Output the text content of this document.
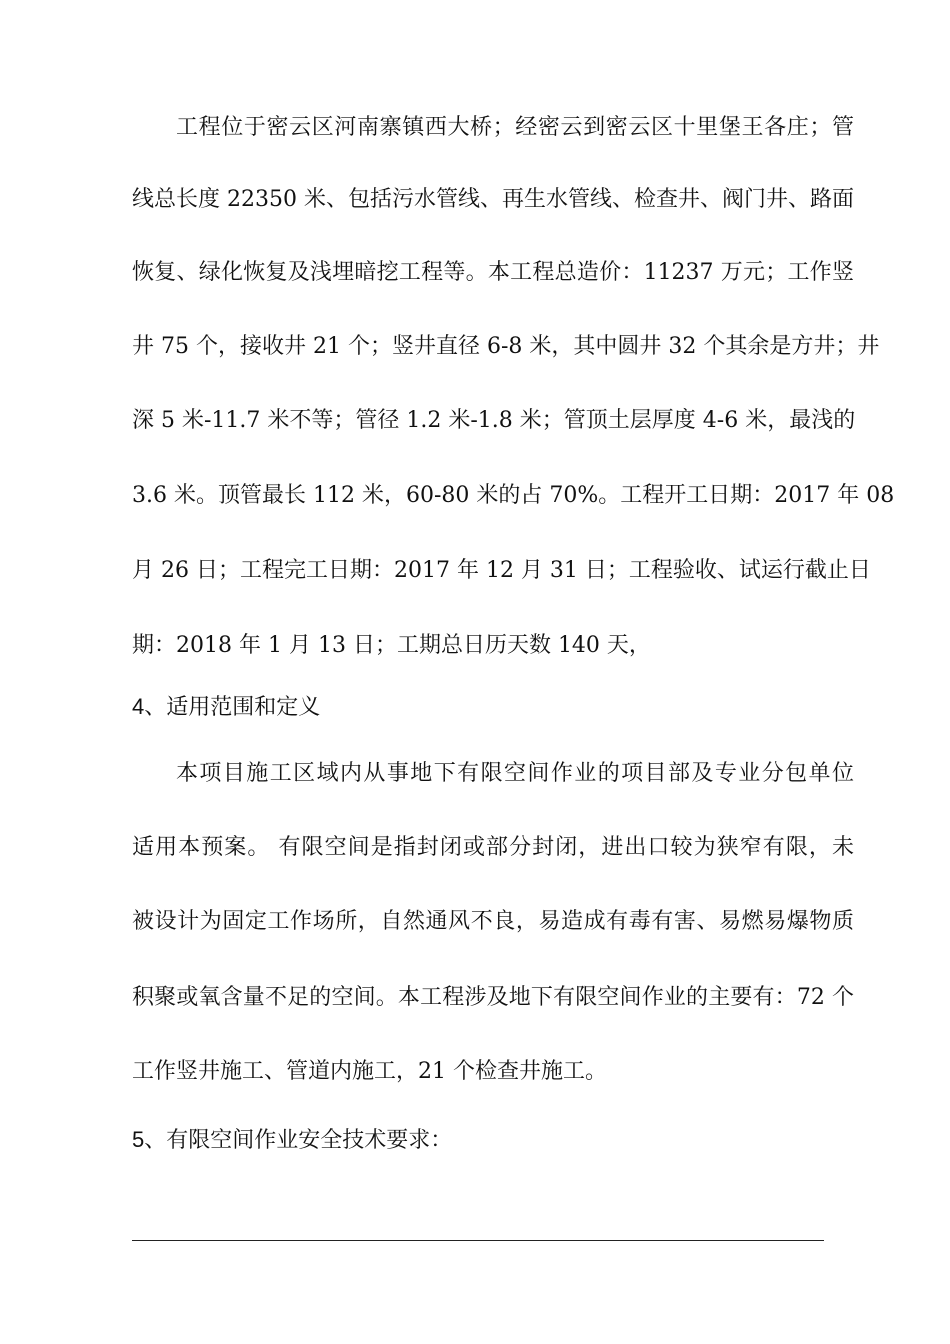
工程位于密云区河南寨镇西大桥；经密云到密云区十里堡王各庄；管
线总长度 22350 米、包括污水管线、再生水管线、检查井、阀门井、路面
恢复、绿化恢复及浅埋暗挖工程等。本工程总造价：11237 万元；工作竖
井 75 个，接收井 21 个；竖井直径 6-8 米，其中圆井 32 个其余是方井；井
深 5 米-11.7 米不等；管径 1.2 米-1.8 米；管顶土层厚度 4-6 米，最浅的
3.6 米。顶管最长 112 米，60-80 米的占 70%。工程开工日期：2017 年 08
月 26 日；工程完工日期：2017 年 12 月 31 日；工程验收、试运行截止日
期：2018 年 1 月 13 日；工期总日历天数 140 天，
4、适用范围和定义
本项目施工区域内从事地下有限空间作业的项目部及专业分包单位
适用本预案。 有限空间是指封闭或部分封闭，进出口较为狭窄有限，未
被设计为固定工作场所，自然通风不良，易造成有毒有害、易燃易爆物质
积聚或氧含量不足的空间。本工程涉及地下有限空间作业的主要有：72 个
工作竖井施工、管道内施工，21 个检查井施工。
5、有限空间作业安全技术要求：
